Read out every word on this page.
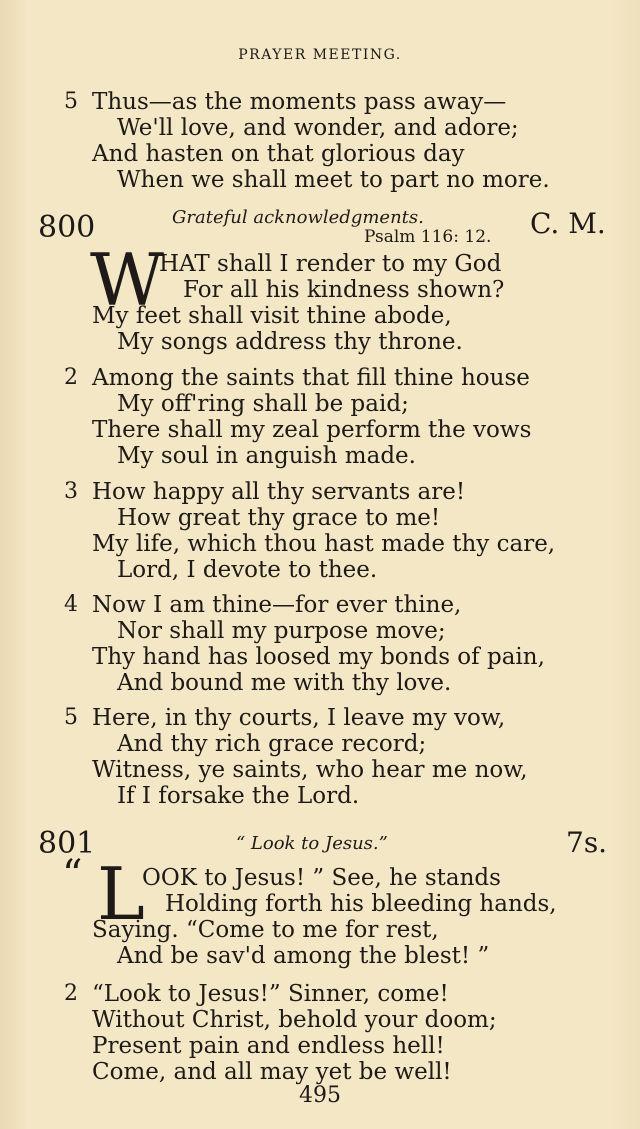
PRAYER MEETING.
5 Thus—as the moments pass away—
We'll love, and wonder, and adore;
And hasten on that glorious day
When we shall meet to part no more.
800	Grateful acknowledgments.
Psalm 116: 12. C. M.
W
HAT shall I render to my God
For all his kindness shown?
My feet shall visit thine abode,
My songs address thy throne.
2 Among the saints that fill thine house
My off'ring shall be paid;
There shall my zeal perform the vows
My soul in anguish made.
3 How happy all thy servants are!
How great thy grace to me!
My life, which thou hast made thy care,
Lord, I devote to thee.
4 Now I am thine—for ever thine,
Nor shall my purpose move;
Thy hand has loosed my bonds of pain,
And bound me with thy love.
5 Here, in thy courts, I leave my vow,
And thy rich grace record;
Witness, ye saints, who hear me now,
If I forsake the Lord.
801	“ Look to Jesus.”	7s.
“ L
OOK to Jesus! ” See, he stands
Holding forth his bleeding hands,
Saying. “Come to me for rest,
And be sav'd among the blest! ”
2 “Look to Jesus!” Sinner, come!
Without Christ, behold your doom;
Present pain and endless hell!
Come, and all may yet be well!
495
